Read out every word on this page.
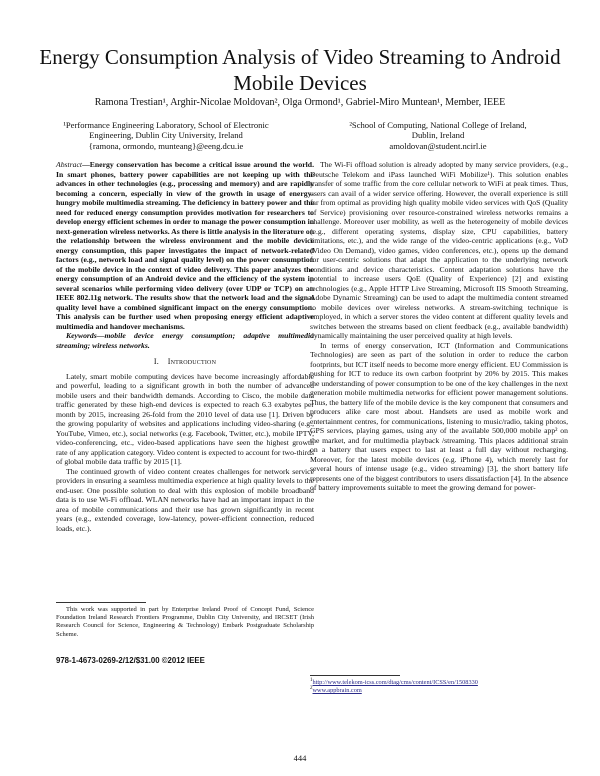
Energy Consumption Analysis of Video Streaming to Android Mobile Devices
Ramona Trestian¹, Arghir-Nicolae Moldovan², Olga Ormond¹, Gabriel-Miro Muntean¹, Member, IEEE

¹Performance Engineering Laboratory, School of Electronic

Engineering, Dublin City University, Ireland

{ramona, ormondo, munteang}@eeng.dcu.ie

²School of Computing, National College of Ireland,

Dublin, Ireland

amoldovan@student.ncirl.ie

Abstract—Energy conservation has become a critical issue around the world. In smart phones, battery power capabilities are not keeping up with the advances in other technologies (e.g., processing and memory) and are rapidly becoming a concern, especially in view of the growth in usage of energy-hungry mobile multimedia streaming. The deficiency in battery power and the need for reduced energy consumption provides motivation for researchers to develop energy efficient schemes in order to manage the power consumption in next-generation wireless networks. As there is little analysis in the literature on the relationship between the wireless environment and the mobile device energy consumption, this paper investigates the impact of network-related factors (e.g., network load and signal quality level) on the power consumption of the mobile device in the context of video delivery. This paper analyzes the energy consumption of an Android device and the efficiency of the system in several scenarios while performing video delivery (over UDP or TCP) on an IEEE 802.11g network. The results show that the network load and the signal quality level have a combined significant impact on the energy consumption. This analysis can be further used when proposing energy efficient adaptive multimedia and handover mechanisms.

Keywords—mobile device energy consumption; adaptive multimedia streaming; wireless networks.

I. Introduction

Lately, smart mobile computing devices have become increasingly affordable and powerful, leading to a significant growth in both the number of advanced mobile users and their bandwidth demands. According to Cisco, the mobile data traffic generated by these high-end devices is expected to reach 6.3 exabytes per month by 2015, increasing 26-fold from the 2010 level of data use [1]. Driven by the growing popularity of websites and applications including video-sharing (e.g., YouTube, Vimeo, etc.), social networks (e.g. Facebook, Twitter, etc.), mobile IPTV, video-conferencing, etc., video-based applications have seen the highest growth rate of any application category. Video content is expected to account for two-thirds of global mobile data traffic by 2015 [1].

The continued growth of video content creates challenges for network service providers in ensuring a seamless multimedia experience at high quality levels to the end-user. One possible solution to deal with this explosion of mobile broadband data is to use Wi-Fi offload. WLAN networks have had an important impact in the area of mobile communications and their use has grown significantly in recent years (e.g., extended coverage, low-latency, power-efficient connection, reduced loads, etc.).

The Wi-Fi offload solution is already adopted by many service providers, (e.g., Deutsche Telekom and iPass launched WiFi Mobilize¹). This solution enables transfer of some traffic from the core cellular network to WiFi at peak times. Thus, users can avail of a wider service offering. However, the overall experience is still far from optimal as providing high quality mobile video services with QoS (Quality of Service) provisioning over resource-constrained wireless networks remains a challenge. Moreover user mobility, as well as the heterogeneity of mobile devices (e.g., different operating systems, display size, CPU capabilities, battery limitations, etc.), and the wide range of the video-centric applications (e.g., VoD (Video On Demand), video games, video conferences, etc.), opens up the demand for user-centric solutions that adapt the application to the underlying network conditions and device characteristics. Content adaptation solutions have the potential to increase users QoE (Quality of Experience) [2] and existing technologies (e.g., Apple HTTP Live Streaming, Microsoft IIS Smooth Streaming, Adobe Dynamic Streaming) can be used to adapt the multimedia content streamed to mobile devices over wireless networks. A stream-switching technique is employed, in which a server stores the video content at different quality levels and switches between the streams based on client feedback (e.g., available bandwidth) dynamically maintaining the user perceived quality at high levels.

In terms of energy conservation, ICT (Information and Communications Technologies) are seen as part of the solution in order to reduce the carbon footprints, but ICT itself needs to become more energy efficient. EU Commission is pushing for ICT to reduce its own carbon footprint by 20% by 2015. This makes the understanding of power consumption to be one of the key challenges in the next generation mobile multimedia networks for efficient power management solutions. Thus, the battery life of the mobile device is the key component that consumers and producers alike care most about. Handsets are used as mobile work and entertainment centres, for communications, listening to music/radio, taking photos, GPS services, playing games, using any of the available 500,000 mobile app² on the market, and for multimedia playback /streaming. This places additional strain on a battery that users expect to last at least a full day without recharging. Moreover, for the latest mobile devices (e.g. iPhone 4), which merely last for several hours of intense usage (e.g., video streaming) [3], the short battery life represents one of the biggest contributors to users dissatisfaction [4]. In the absence of battery improvements suitable to meet the growing demand for power-

This work was supported in part by Enterprise Ireland Proof of Concept Fund, Science Foundation Ireland Research Frontiers Programme, Dublin City University, and IRCSET (Irish Research Council for Science, Engineering & Technology) Embark Postgraduate Scholarship Scheme.

978-1-4673-0269-2/12/$31.00 ©2012 IEEE
$^1$http://www.telekom-icss.com/dtag/cms/content/ICSS/en/1508330
$^2$www.appbrain.com
444
